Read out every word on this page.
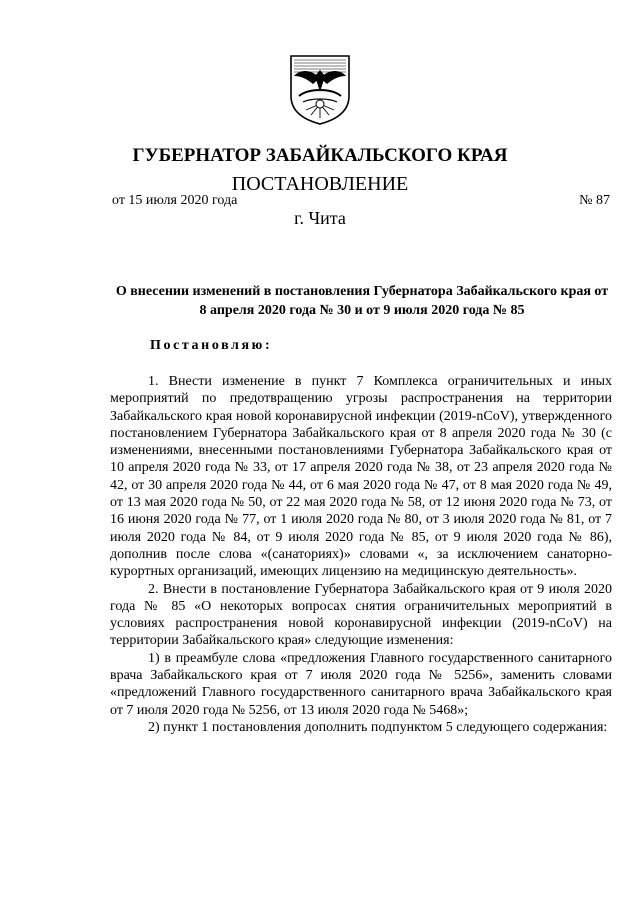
ГУБЕРНАТОР ЗАБАЙКАЛЬСКОГО КРАЯ
ПОСТАНОВЛЕНИЕ
от 15 июля 2020 года	№ 87
г. Чита
О внесении изменений в постановления Губернатора Забайкальского края от 8 апреля 2020 года № 30 и от 9 июля 2020 года № 85
Постановляю:

1. Внести изменение в пункт 7 Комплекса ограничительных и иных мероприятий по предотвращению угрозы распространения на территории Забайкальского края новой коронавирусной инфекции (2019-nCoV), утвержденного постановлением Губернатора Забайкальского края от 8 апреля 2020 года № 30 (с изменениями, внесенными постановлениями Губернатора Забайкальского края от 10 апреля 2020 года № 33, от 17 апреля 2020 года № 38, от 23 апреля 2020 года № 42, от 30 апреля 2020 года № 44, от 6 мая 2020 года № 47, от 8 мая 2020 года № 49, от 13 мая 2020 года № 50, от 22 мая 2020 года № 58, от 12 июня 2020 года № 73, от 16 июня 2020 года № 77, от 1 июля 2020 года № 80, от 3 июля 2020 года № 81, от 7 июля 2020 года № 84, от 9 июля 2020 года № 85, от 9 июля 2020 года № 86), дополнив после слова «(санаториях)» словами «, за исключением санаторно-курортных организаций, имеющих лицензию на медицинскую деятельность».

2. Внести в постановление Губернатора Забайкальского края от 9 июля 2020 года № 85 «О некоторых вопросах снятия ограничительных мероприятий в условиях распространения новой коронавирусной инфекции (2019-nCoV) на территории Забайкальского края» следующие изменения:

1) в преамбуле слова «предложения Главного государственного санитарного врача Забайкальского края от 7 июля 2020 года № 5256», заменить словами «предложений Главного государственного санитарного врача Забайкальского края от 7 июля 2020 года № 5256, от 13 июля 2020 года № 5468»;

2) пункт 1 постановления дополнить подпунктом 5 следующего содержания:
